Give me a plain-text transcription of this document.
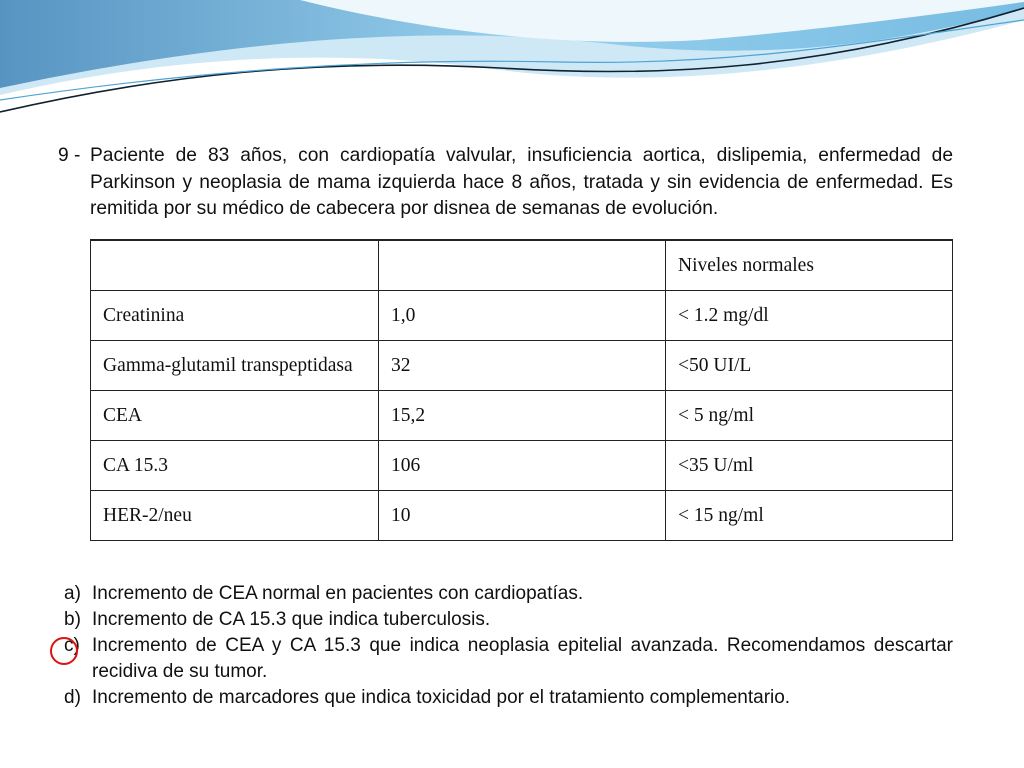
9 - Paciente de 83 años, con cardiopatía valvular, insuficiencia aortica, dislipemia, enfermedad de Parkinson y neoplasia de mama izquierda hace 8 años, tratada y sin evidencia de enfermedad. Es remitida por su médico de cabecera por disnea de semanas de evolución.
		Niveles normales
Creatinina	1,0	< 1.2 mg/dl
Gamma-glutamil transpeptidasa	32	<50 UI/L
CEA	15,2	< 5 ng/ml
CA 15.3	106	<35 U/ml
HER-2/neu	10	< 15 ng/ml
a) Incremento de CEA normal en pacientes con cardiopatías.
b) Incremento de CA 15.3 que indica tuberculosis.
c) Incremento de CEA y CA 15.3 que indica neoplasia epitelial avanzada. Recomendamos descartar recidiva de su tumor.
d) Incremento de marcadores que indica toxicidad por el tratamiento complementario.
